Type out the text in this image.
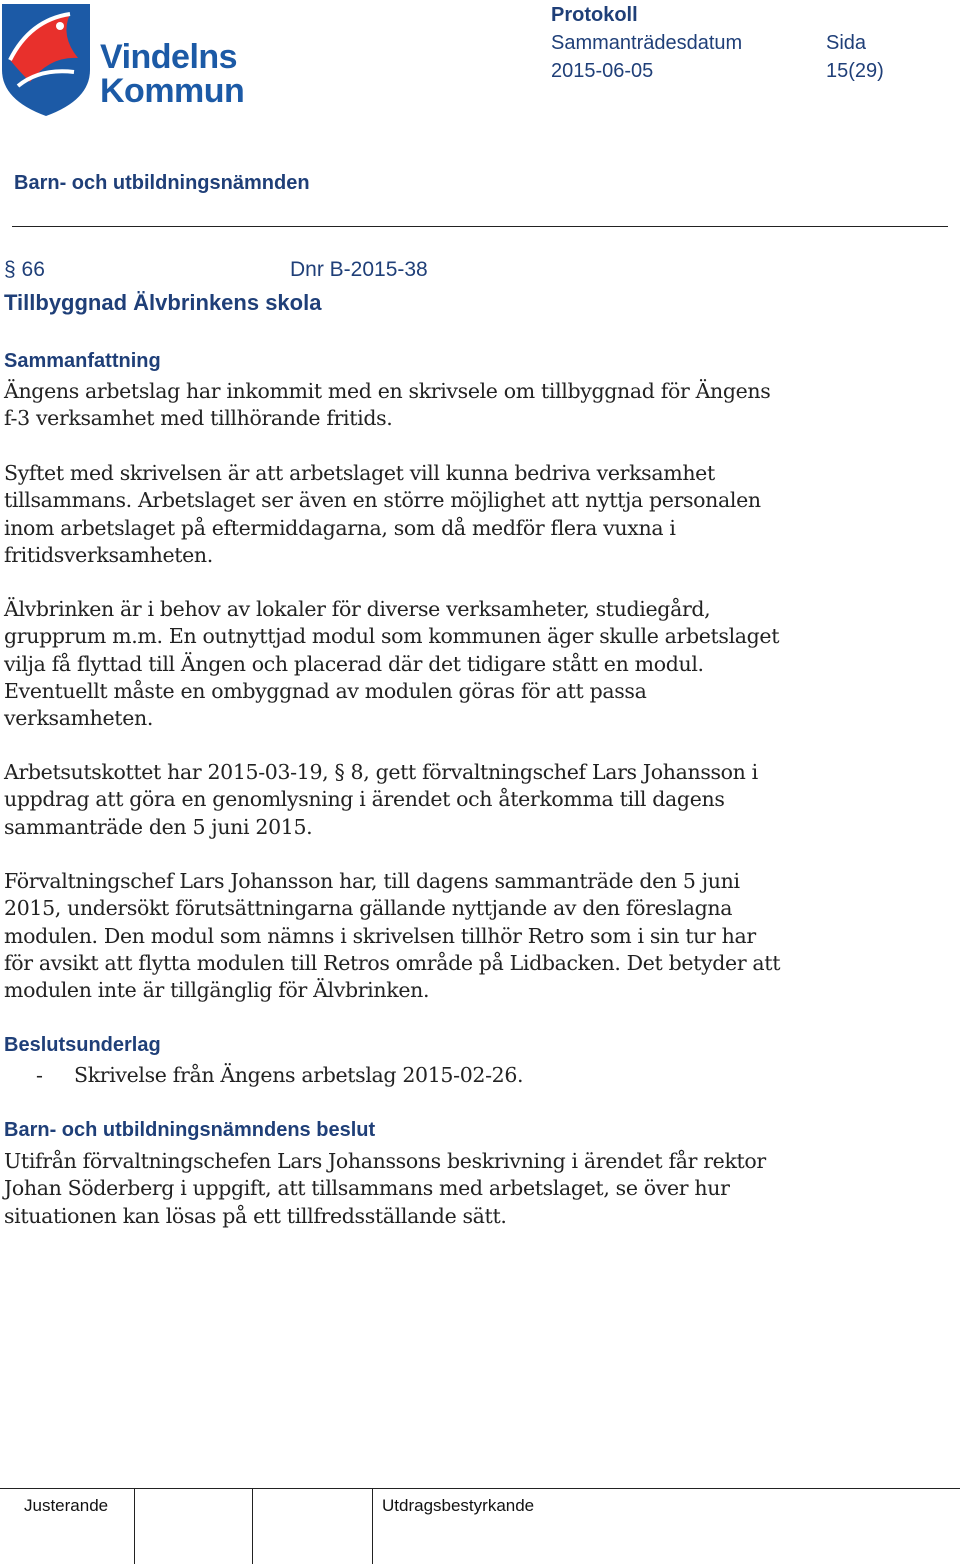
Vindelns
Kommun
Protokoll
Sammanträdesdatum	Sida
2015-06-05	15(29)
Barn- och utbildningsnämnden
§ 66	Dnr B-2015-38
Tillbyggnad Älvbrinkens skola
Sammanfattning
Ängens arbetslag har inkommit med en skrivsele om tillbyggnad för Ängens
f-3 verksamhet med tillhörande fritids.
Syftet med skrivelsen är att arbetslaget vill kunna bedriva verksamhet
tillsammans. Arbetslaget ser även en större möjlighet att nyttja personalen
inom arbetslaget på eftermiddagarna, som då medför flera vuxna i
fritidsverksamheten.
Älvbrinken är i behov av lokaler för diverse verksamheter, studiegård,
grupprum m.m. En outnyttjad modul som kommunen äger skulle arbetslaget
vilja få flyttad till Ängen och placerad där det tidigare stått en modul.
Eventuellt måste en ombyggnad av modulen göras för att passa
verksamheten.
Arbetsutskottet har 2015-03-19, § 8, gett förvaltningschef Lars Johansson i
uppdrag att göra en genomlysning i ärendet och återkomma till dagens
sammanträde den 5 juni 2015.
Förvaltningschef Lars Johansson har, till dagens sammanträde den 5 juni
2015, undersökt förutsättningarna gällande nyttjande av den föreslagna
modulen. Den modul som nämns i skrivelsen tillhör Retro som i sin tur har
för avsikt att flytta modulen till Retros område på Lidbacken. Det betyder att
modulen inte är tillgänglig för Älvbrinken.
Beslutsunderlag
- Skrivelse från Ängens arbetslag 2015-02-26.
Barn- och utbildningsnämndens beslut
Utifrån förvaltningschefen Lars Johanssons beskrivning i ärendet får rektor
Johan Söderberg i uppgift, att tillsammans med arbetslaget, se över hur
situationen kan lösas på ett tillfredsställande sätt.
Justerande	Utdragsbestyrkande
